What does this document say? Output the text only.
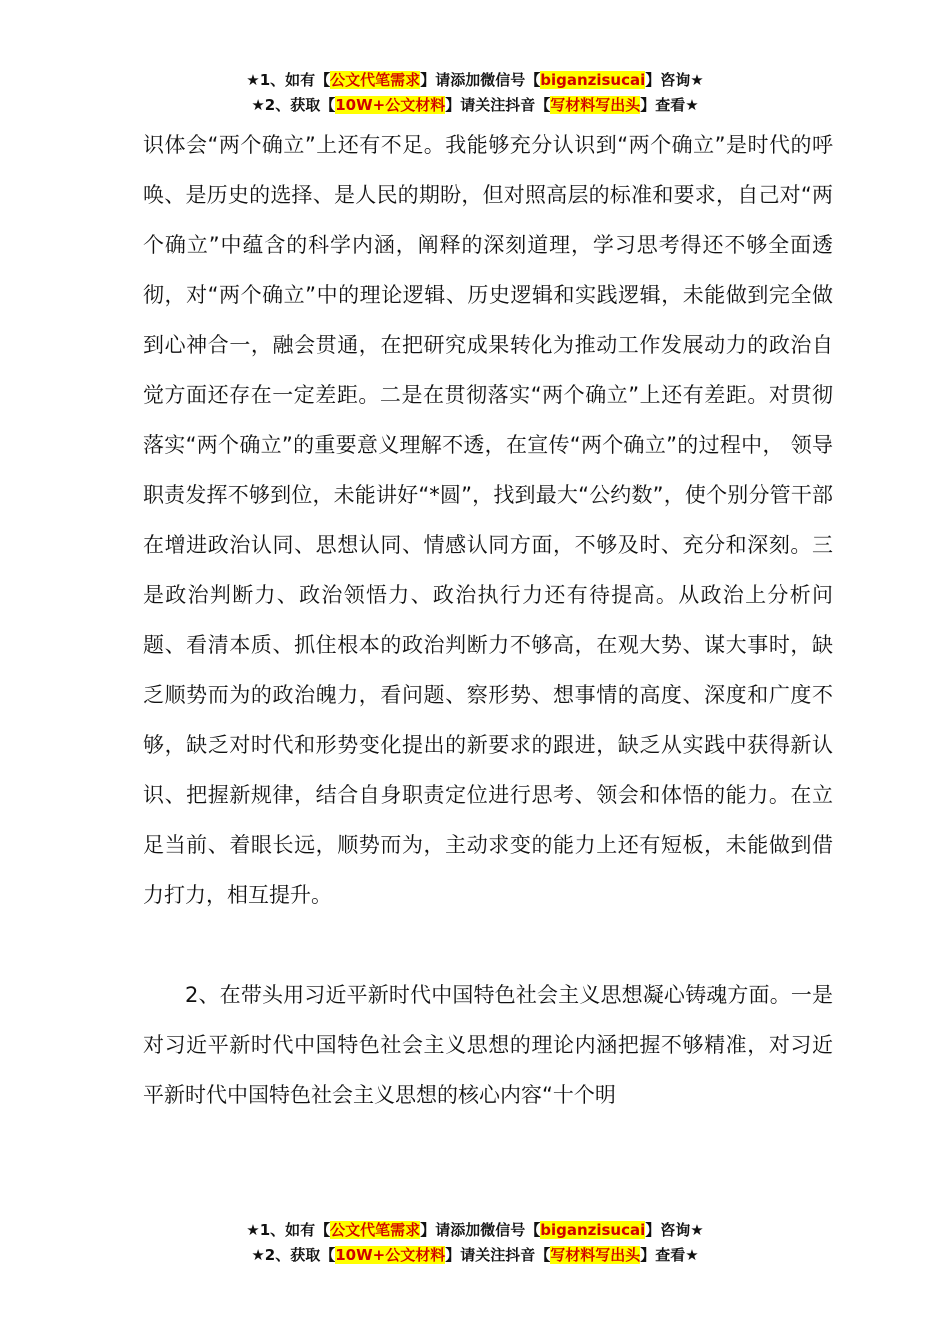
★1、如有【公文代笔需求】请添加微信号【biganzisucai】咨询★
★2、获取【10W+公文材料】请关注抖音【写材料写出头】查看★

识体会“两个确立”上还有不足。我能够充分认识到“两个确立”是时代的呼唤、是历史的选择、是人民的期盼，但对照高层的标准和要求，自己对“两个确立”中蕴含的科学内涵，阐释的深刻道理，学习思考得还不够全面透彻，对“两个确立”中的理论逻辑、历史逻辑和实践逻辑，未能做到完全做到心神合一，融会贯通，在把研究成果转化为推动工作发展动力的政治自觉方面还存在一定差距。二是在贯彻落实“两个确立”上还有差距。对贯彻落实“两个确立”的重要意义理解不透，在宣传“两个确立”的过程中， 领导职责发挥不够到位，未能讲好“*圆”，找到最大“公约数”，使个别分管干部在增进政治认同、思想认同、情感认同方面，不够及时、充分和深刻。三是政治判断力、政治领悟力、政治执行力还有待提高。从政治上分析问题、看清本质、抓住根本的政治判断力不够高，在观大势、谋大事时，缺乏顺势而为的政治魄力，看问题、察形势、想事情的高度、深度和广度不够，缺乏对时代和形势变化提出的新要求的跟进，缺乏从实践中获得新认识、把握新规律，结合自身职责定位进行思考、领会和体悟的能力。在立足当前、着眼长远，顺势而为，主动求变的能力上还有短板，未能做到借力打力，相互提升。

2、在带头用习近平新时代中国特色社会主义思想凝心铸魂方面。一是对习近平新时代中国特色社会主义思想的理论内涵把握不够精准，对习近平新时代中国特色社会主义思想的核心内容“十个明

★1、如有【公文代笔需求】请添加微信号【biganzisucai】咨询★
★2、获取【10W+公文材料】请关注抖音【写材料写出头】查看★
